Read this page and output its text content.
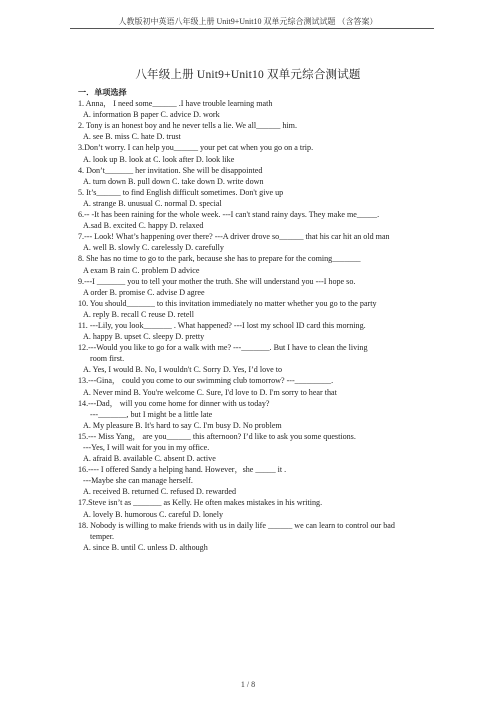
人教版初中英语八年级上册 Unit9+Unit10 双单元综合测试试题 （含答案）
八年级上册 Unit9+Unit10 双单元综合测试题
一．单项选择
1. Anna， I need some______ .I have trouble learning math
A. information B paper C. advice D. work
2. Tony is an honest boy and he never tells a lie. We all______ him.
A. see B. miss C. hate D. trust
3.Don’t worry. I can help you______ your pet cat when you go on a trip.
A. look up B. look at C. look after D. look like
4. Don’t_______ her invitation. She will be disappointed
A. turn down B. pull down C. take down D. write down
5. It’s______ to find English difficult sometimes. Don't give up
A. strange B. unusual C. normal D. special
6.-- -It has been raining for the whole week. ---I can't stand rainy days. They make me_____.
A.sad B. excited C. happy D. relaxed
7.--- Look! What’s happening over there? ---A driver drove so______ that his car hit an old man
A. well B. slowly C. carelessly D. carefully
8. She has no time to go to the park, because she has to prepare for the coming_______
A exam B rain C. problem D advice
9.---I _______ you to tell your mother the truth. She will understand you ---I hope so.
A order B. promise C. advise D agree
10. You should_______ to this invitation immediately no matter whether you go to the party
A. reply B. recall C reuse D. retell
11. ---Lily, you look_______ . What happened? ---I lost my school ID card this morning.
A. happy B. upset C. sleepy D. pretty
12.---Would you like to go for a walk with me? ---_______. But I have to clean the living
room first.
A. Yes, I would B. No, I wouldn't C. Sorry D. Yes, I’d love to
13.---Gina， could you come to our swimming club tomorrow? ---_________.
A. Never mind B. You're welcome C. Sure, I'd love to D. I'm sorry to hear that
14.---Dad， will you come home for dinner with us today?
---_______, but I might be a little late
A. My pleasure B. It's hard to say C. I'm busy D. No problem
15.--- Miss Yang， are you______ this afternoon? I’d like to ask you some questions.
---Yes, I will wait for you in my office.
A. afraid B. available C. absent D. active
16.---- I offered Sandy a helping hand. However，she _____ it .
---Maybe she can manage herself.
A. received B. returned C. refused D. rewarded
17.Steve isn’t as _______ as Kelly. He often makes mistakes in his writing.
A. lovely B. humorous C. careful D. lonely
18. Nobody is willing to make friends with us in daily life ______ we can learn to control our bad
temper.
A. since B. until C. unless D. although
1 / 8
